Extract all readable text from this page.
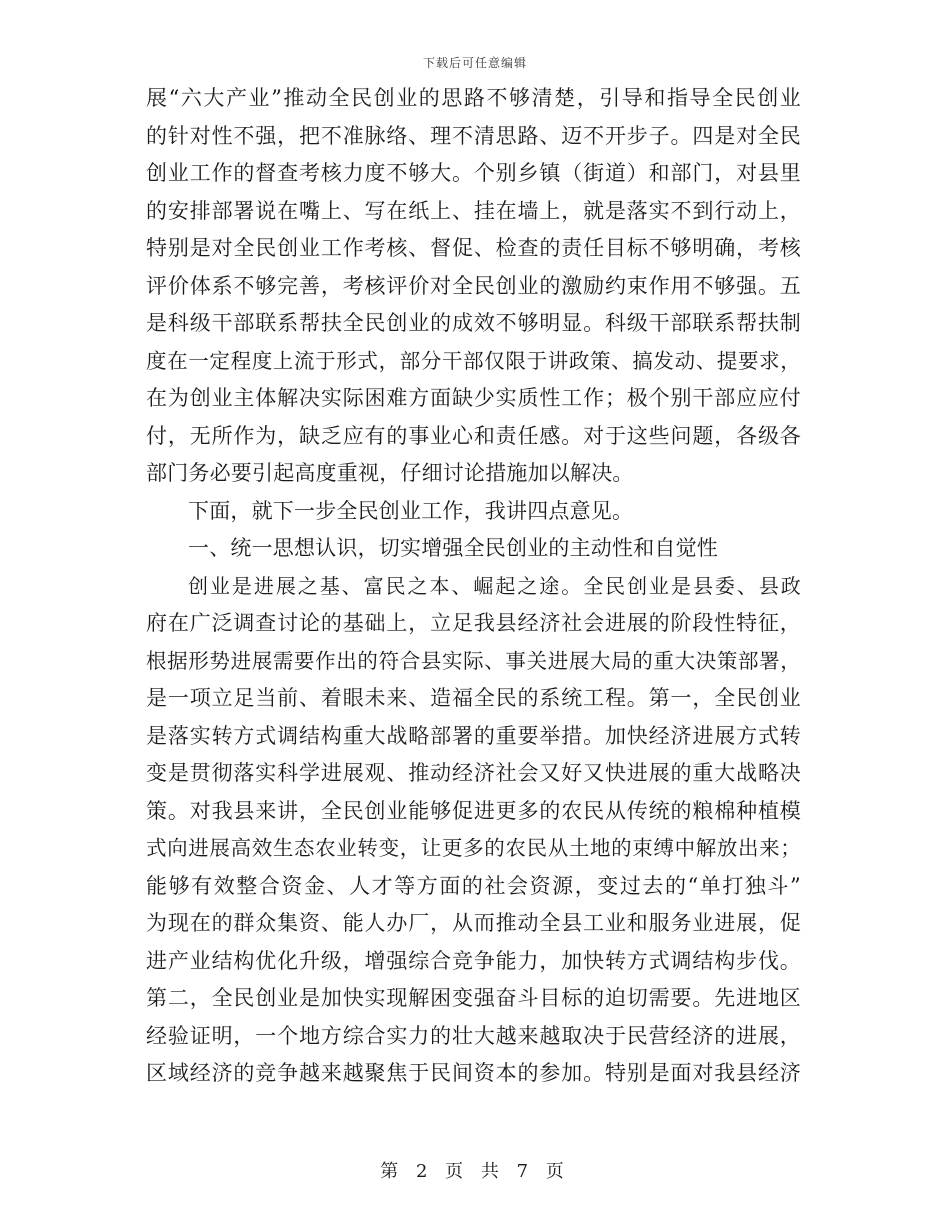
下载后可任意编辑
展“六大产业”推动全民创业的思路不够清楚，引导和指导全民创业
的针对性不强，把不准脉络、理不清思路、迈不开步子。四是对全民
创业工作的督查考核力度不够大。个别乡镇（街道）和部门，对县里
的安排部署说在嘴上、写在纸上、挂在墙上，就是落实不到行动上，
特别是对全民创业工作考核、督促、检查的责任目标不够明确，考核
评价体系不够完善，考核评价对全民创业的激励约束作用不够强。五
是科级干部联系帮扶全民创业的成效不够明显。科级干部联系帮扶制
度在一定程度上流于形式，部分干部仅限于讲政策、搞发动、提要求，
在为创业主体解决实际困难方面缺少实质性工作；极个别干部应应付
付，无所作为，缺乏应有的事业心和责任感。对于这些问题，各级各
部门务必要引起高度重视，仔细讨论措施加以解决。
下面，就下一步全民创业工作，我讲四点意见。
一、统一思想认识，切实增强全民创业的主动性和自觉性
创业是进展之基、富民之本、崛起之途。全民创业是县委、县政
府在广泛调查讨论的基础上，立足我县经济社会进展的阶段性特征，
根据形势进展需要作出的符合县实际、事关进展大局的重大决策部署，
是一项立足当前、着眼未来、造福全民的系统工程。第一，全民创业
是落实转方式调结构重大战略部署的重要举措。加快经济进展方式转
变是贯彻落实科学进展观、推动经济社会又好又快进展的重大战略决
策。对我县来讲，全民创业能够促进更多的农民从传统的粮棉种植模
式向进展高效生态农业转变，让更多的农民从土地的束缚中解放出来；
能够有效整合资金、人才等方面的社会资源，变过去的“单打独斗”
为现在的群众集资、能人办厂，从而推动全县工业和服务业进展，促
进产业结构优化升级，增强综合竞争能力，加快转方式调结构步伐。
第二，全民创业是加快实现解困变强奋斗目标的迫切需要。先进地区
经验证明，一个地方综合实力的壮大越来越取决于民营经济的进展，
区域经济的竞争越来越聚焦于民间资本的参加。特别是面对我县经济
第 2 页 共 7 页
